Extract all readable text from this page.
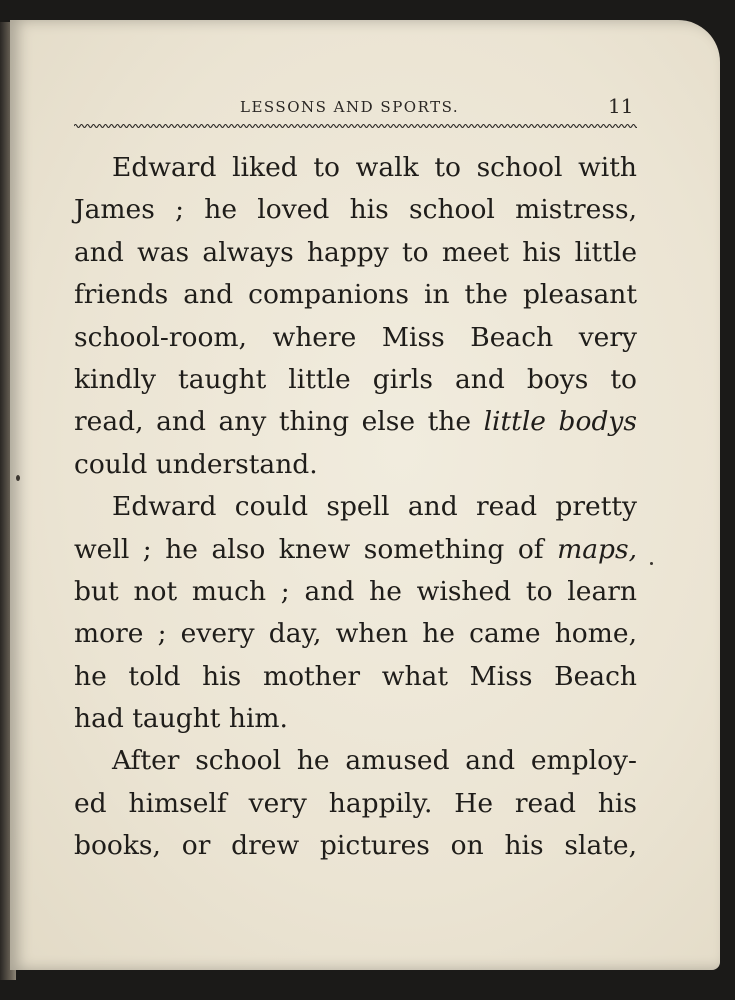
LESSONS AND SPORTS.	11
Edward liked to walk to school with
James ; he loved his school mistress,
and was always happy to meet his little
friends and companions in the pleasant
school-room, where Miss Beach very
kindly taught little girls and boys to
read, and any thing else the little bodys
could understand.
Edward could spell and read pretty
well ; he also knew something of maps,
but not much ; and he wished to learn
more ; every day, when he came home,
he told his mother what Miss Beach
had taught him.
After school he amused and employ-
ed himself very happily. He read his
books, or drew pictures on his slate,
